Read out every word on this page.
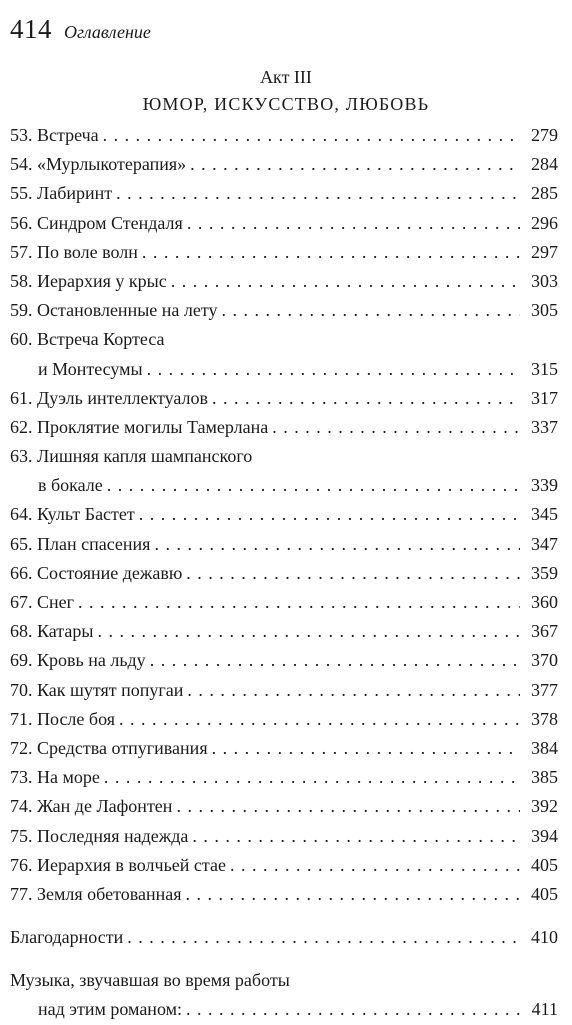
414 Оглавление
Акт III
ЮМОР, ИСКУССТВО, ЛЮБОВЬ
53. Встреча . . .	279
54. «Мурлыкотерапия» . . .	284
55. Лабиринт . . .	285
56. Синдром Стендаля . . .	296
57. По воле волн . . .	297
58. Иерархия у крыс . . .	303
59. Остановленные на лету . . .	305
60. Встреча Кортеса
и Монтесумы . . .	315
61. Дуэль интеллектуалов . . .	317
62. Проклятие могилы Тамерлана . . .	337
63. Лишняя капля шампанского
в бокале . . .	339
64. Культ Бастет . . .	345
65. План спасения . . .	347
66. Состояние дежавю . . .	359
67. Снег . . .	360
68. Катары . . .	367
69. Кровь на льду . . .	370
70. Как шутят попугаи . . .	377
71. После боя . . .	378
72. Средства отпугивания . . .	384
73. На море . . .	385
74. Жан де Лафонтен . . .	392
75. Последняя надежда . . .	394
76. Иерархия в волчьей стае . . .	405
77. Земля обетованная . . .	405
Благодарности . . .	410
Музыка, звучавшая во время работы
над этим романом: . . .	411
